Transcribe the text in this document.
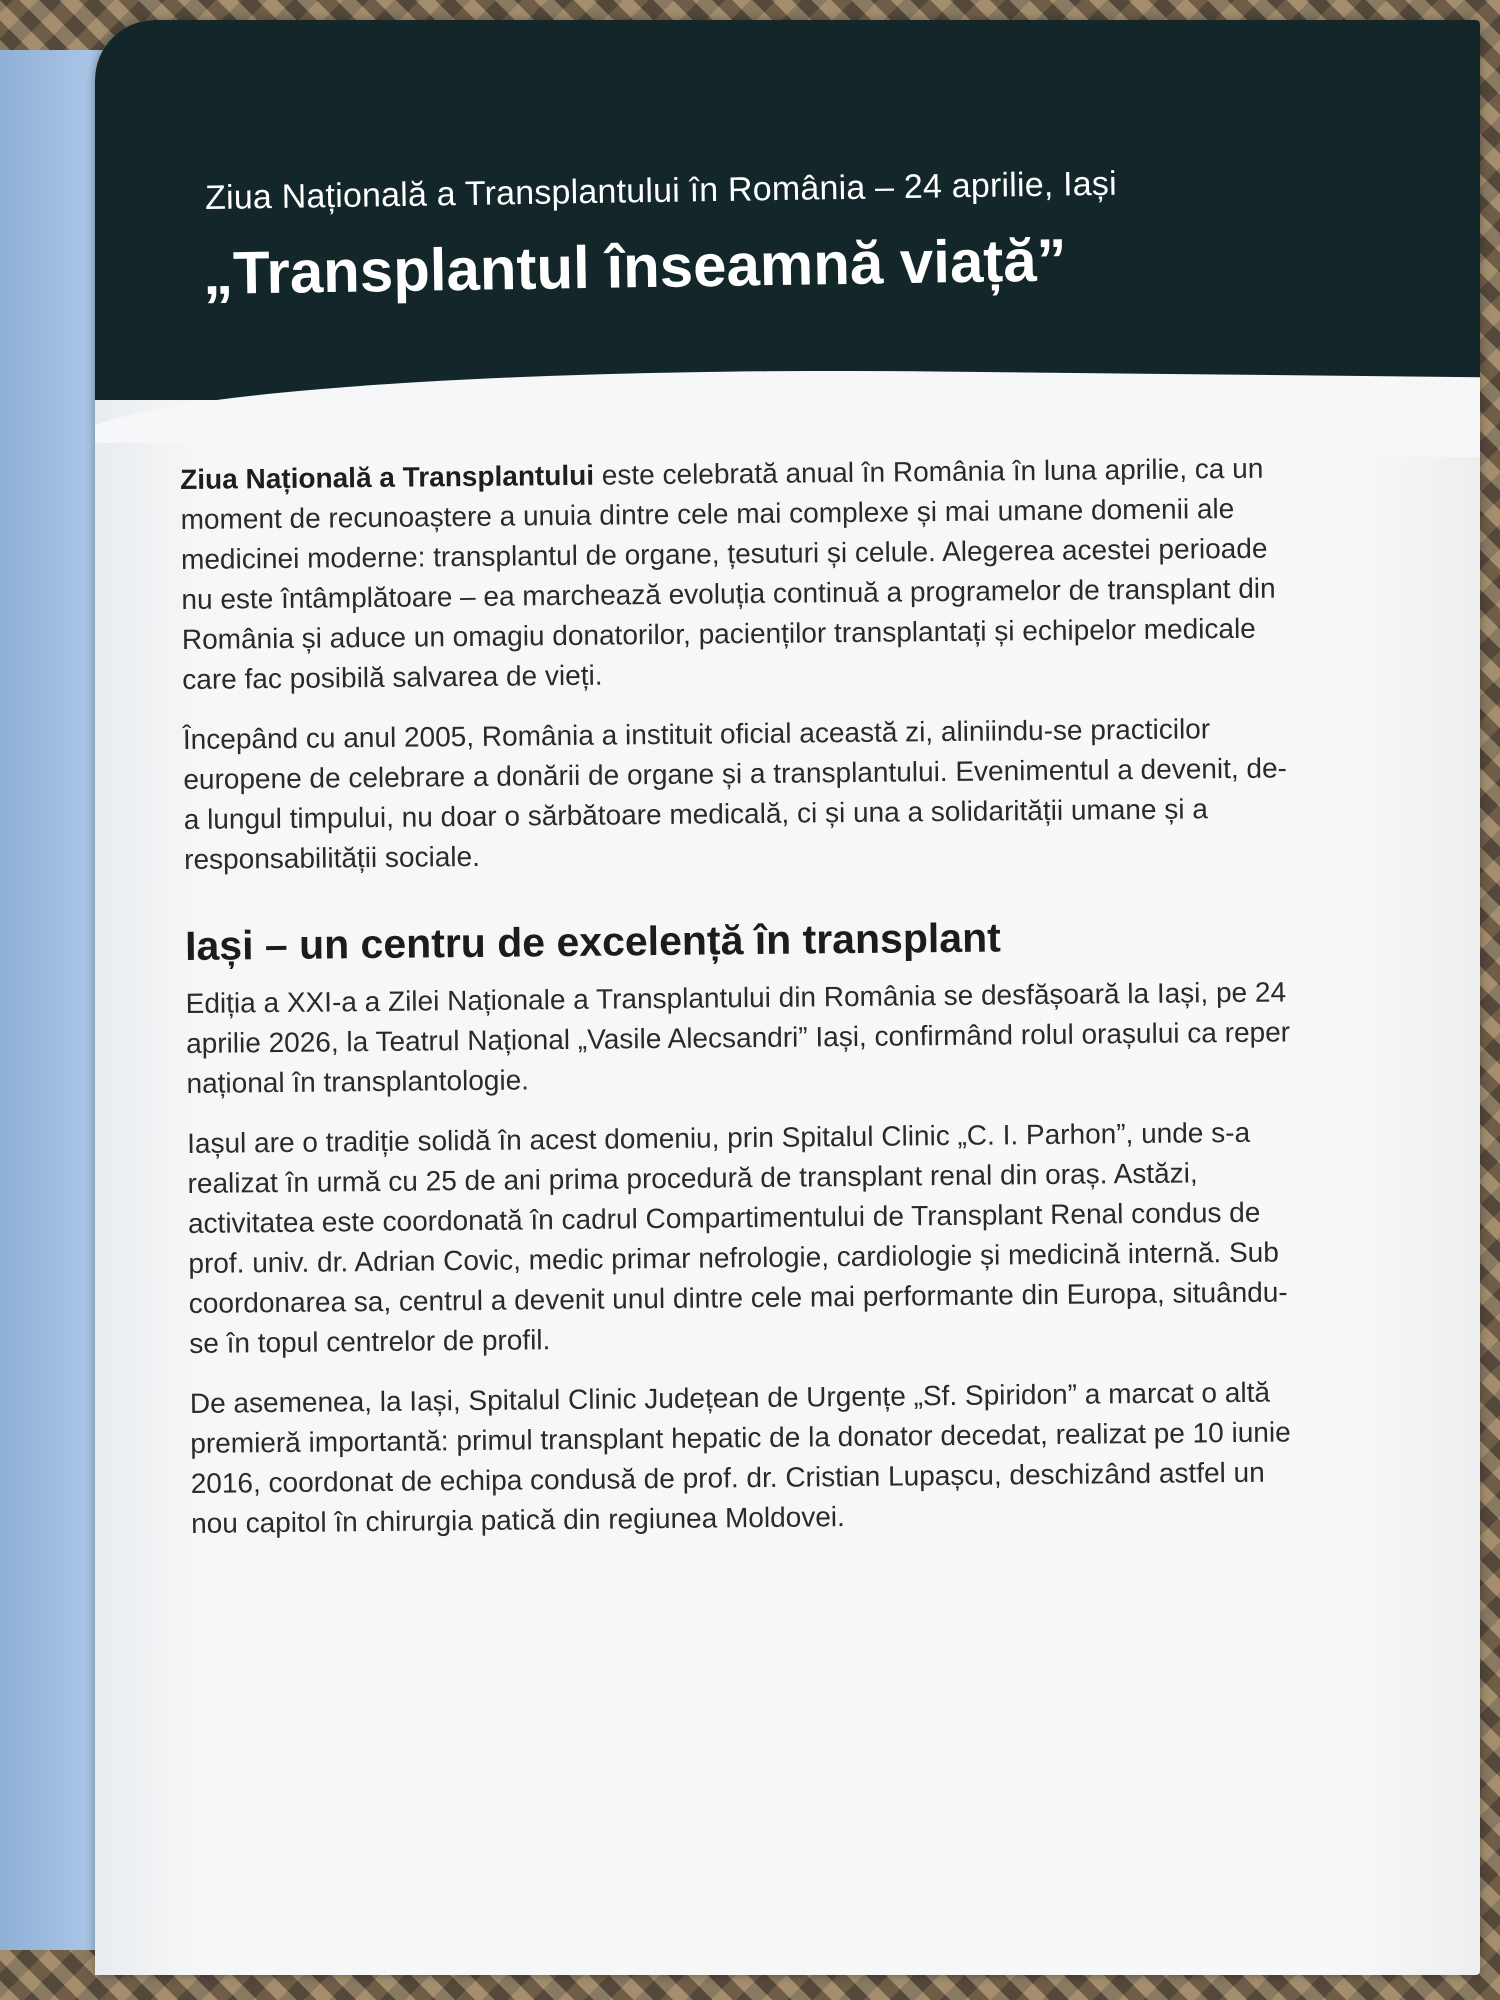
Ziua Națională a Transplantului în România – 24 aprilie, Iași
„Transplantul înseamnă viață”

Ziua Națională a Transplantului este celebrată anual în România în luna aprilie, ca un moment de recunoaștere a unuia dintre cele mai complexe și mai umane domenii ale medicinei moderne: transplantul de organe, țesuturi și celule. Alegerea acestei perioade nu este întâmplătoare – ea marchează evoluția continuă a programelor de transplant din România și aduce un omagiu donatorilor, pacienților transplantați și echipelor medicale care fac posibilă salvarea de vieți.

Începând cu anul 2005, România a instituit oficial această zi, aliniindu-se practicilor europene de celebrare a donării de organe și a transplantului. Evenimentul a devenit, de-a lungul timpului, nu doar o sărbătoare medicală, ci și una a solidarității umane și a responsabilității sociale.

Iași – un centru de excelență în transplant

Ediția a XXI-a a Zilei Naționale a Transplantului din România se desfășoară la Iași, pe 24 aprilie 2026, la Teatrul Național „Vasile Alecsandri” Iași, confirmând rolul orașului ca reper național în transplantologie.

Iașul are o tradiție solidă în acest domeniu, prin Spitalul Clinic „C. I. Parhon”, unde s-a realizat în urmă cu 25 de ani prima procedură de transplant renal din oraș. Astăzi, activitatea este coordonată în cadrul Compartimentului de Transplant Renal condus de prof. univ. dr. Adrian Covic, medic primar nefrologie, cardiologie și medicină internă. Sub coordonarea sa, centrul a devenit unul dintre cele mai performante din Europa, situându-se în topul centrelor de profil.

De asemenea, la Iași, Spitalul Clinic Județean de Urgențe „Sf. Spiridon” a marcat o altă premieră importantă: primul transplant hepatic de la donator decedat, realizat pe 10 iunie 2016, coordonat de echipa condusă de prof. dr. Cristian Lupașcu, deschizând astfel un nou capitol în chirurgia patică din regiunea Moldovei.
